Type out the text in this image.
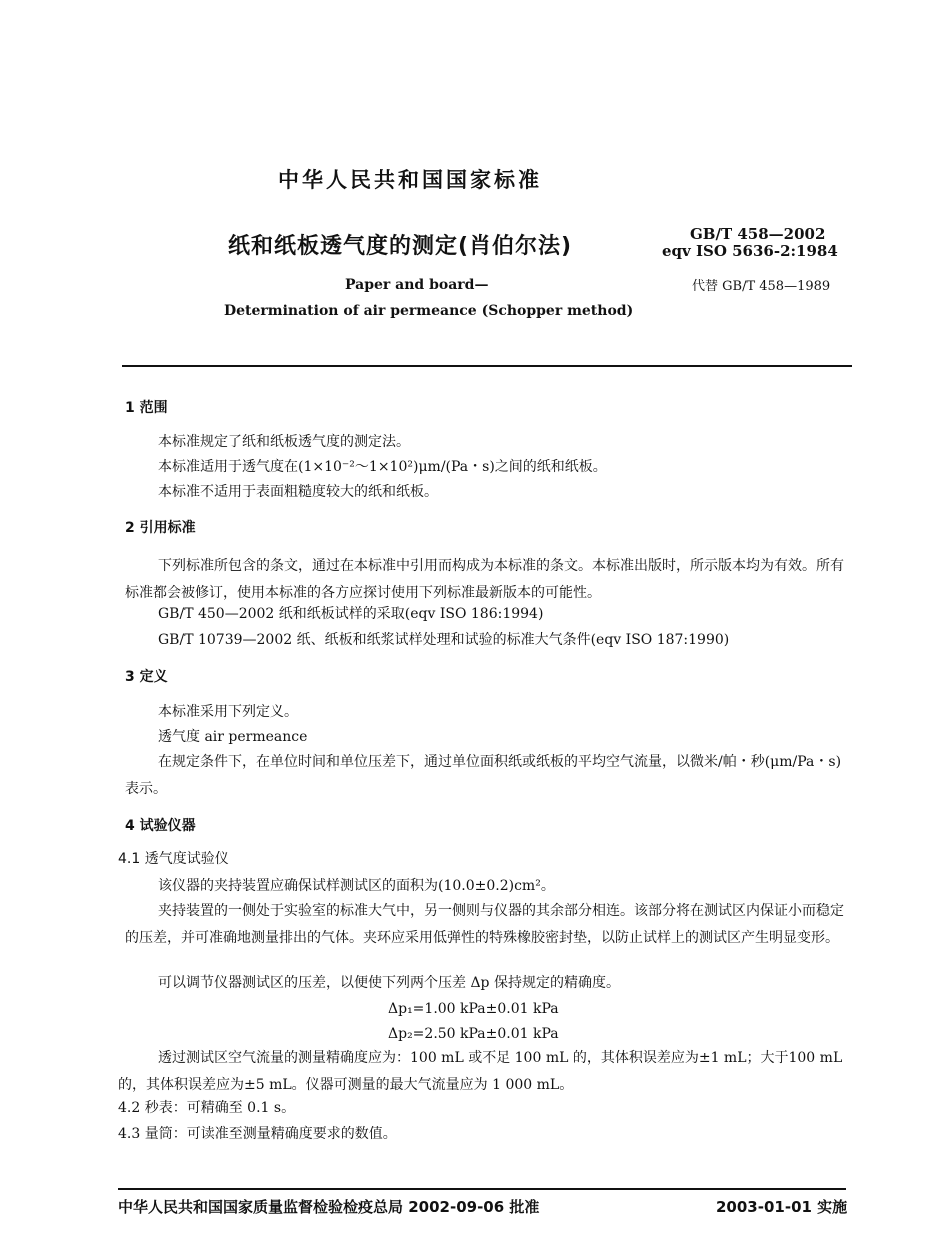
中华人民共和国国家标准
纸和纸板透气度的测定(肖伯尔法)	GB/T 458—2002
eqv ISO 5636-2:1984
代替 GB/T 458—1989
Paper and board—
Determination of air permeance (Schopper method)
1 范围
本标准规定了纸和纸板透气度的测定法。
本标准适用于透气度在(1×10⁻²～1×10²)μm/(Pa・s)之间的纸和纸板。
本标准不适用于表面粗糙度较大的纸和纸板。
2 引用标准
下列标准所包含的条文，通过在本标准中引用而构成为本标准的条文。本标准出版时，所示版本均为有效。所有标准都会被修订，使用本标准的各方应探讨使用下列标准最新版本的可能性。
GB/T 450—2002 纸和纸板试样的采取(eqv ISO 186:1994)
GB/T 10739—2002 纸、纸板和纸浆试样处理和试验的标准大气条件(eqv ISO 187:1990)
3 定义
本标准采用下列定义。
透气度 air permeance
在规定条件下，在单位时间和单位压差下，通过单位面积纸或纸板的平均空气流量，以微米/帕・秒(μm/Pa・s)表示。
4 试验仪器
4.1 透气度试验仪
该仪器的夹持装置应确保试样测试区的面积为(10.0±0.2)cm²。
夹持装置的一侧处于实验室的标准大气中，另一侧则与仪器的其余部分相连。该部分将在测试区内保证小而稳定的压差，并可准确地测量排出的气体。夹环应采用低弹性的特殊橡胶密封垫，以防止试样上的测试区产生明显变形。
可以调节仪器测试区的压差，以便使下列两个压差 Δp 保持规定的精确度。
Δp₁=1.00 kPa±0.01 kPa
Δp₂=2.50 kPa±0.01 kPa
透过测试区空气流量的测量精确度应为：100 mL 或不足 100 mL 的，其体积误差应为±1 mL；大于100 mL 的，其体积误差应为±5 mL。仪器可测量的最大气流量应为 1 000 mL。
4.2 秒表：可精确至 0.1 s。
4.3 量筒：可读准至测量精确度要求的数值。
中华人民共和国国家质量监督检验检疫总局 2002-09-06 批准	2003-01-01 实施
